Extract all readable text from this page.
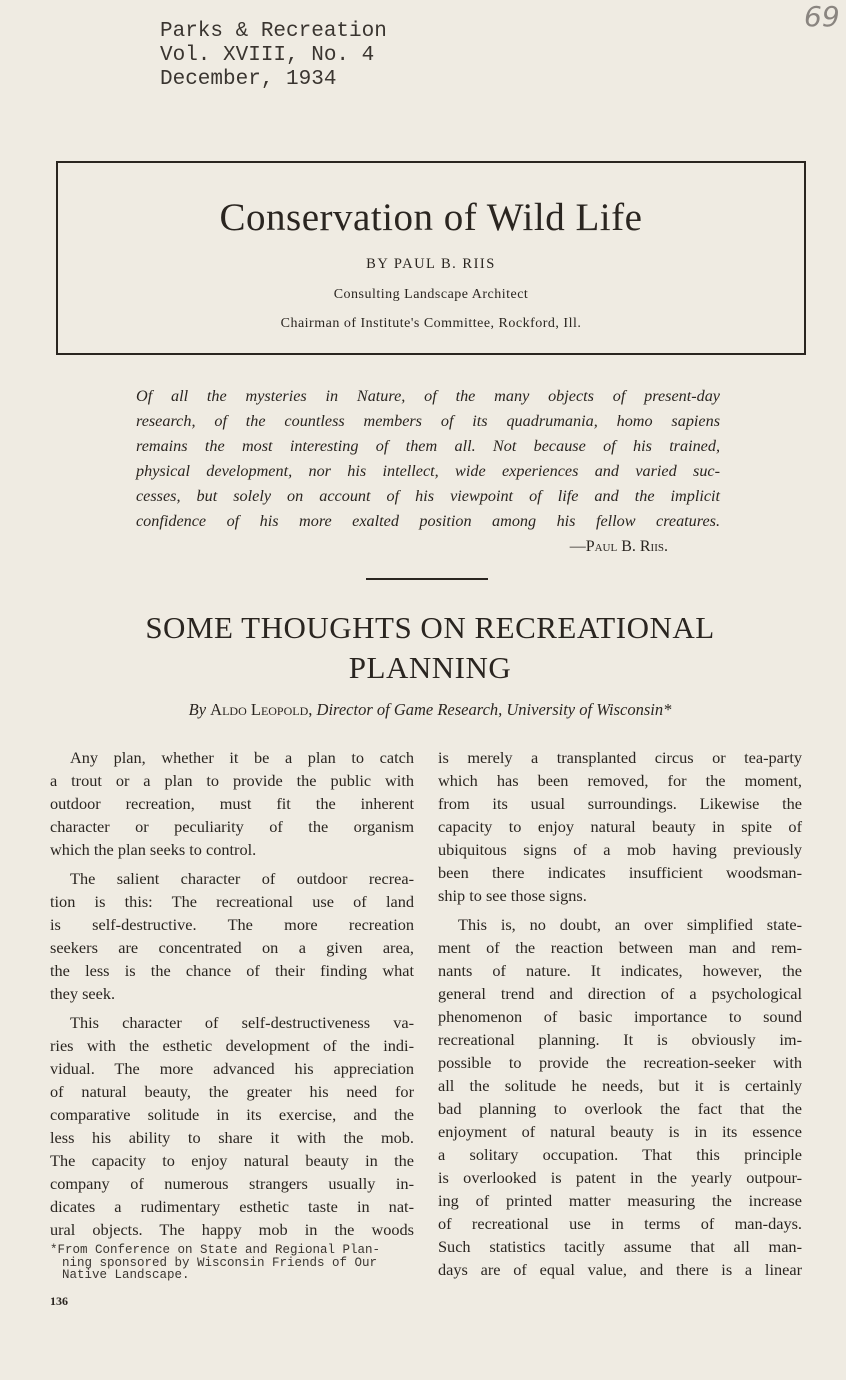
Parks & Recreation
Vol. XVIII, No. 4
December, 1934
69
Conservation of Wild Life
BY PAUL B. RIIS
Consulting Landscape Architect
Chairman of Institute's Committee, Rockford, Ill.
Of all the mysteries in Nature, of the many objects of present-day
research, of the countless members of its quadrumania, homo sapiens
remains the most interesting of them all. Not because of his trained,
physical development, nor his intellect, wide experiences and varied suc-
cesses, but solely on account of his viewpoint of life and the implicit
confidence of his more exalted position among his fellow creatures.
—Paul B. Riis.
SOME THOUGHTS ON RECREATIONAL
PLANNING
By Aldo Leopold, Director of Game Research, University of Wisconsin*

Any plan, whether it be a plan to catch
a trout or a plan to provide the public with
outdoor recreation, must fit the inherent
character or peculiarity of the organism
which the plan seeks to control.

The salient character of outdoor recrea-
tion is this: The recreational use of land
is self-destructive. The more recreation
seekers are concentrated on a given area,
the less is the chance of their finding what
they seek.

This character of self-destructiveness va-
ries with the esthetic development of the indi-
vidual. The more advanced his appreciation
of natural beauty, the greater his need for
comparative solitude in its exercise, and the
less his ability to share it with the mob.
The capacity to enjoy natural beauty in the
company of numerous strangers usually in-
dicates a rudimentary esthetic taste in nat-
ural objects. The happy mob in the woods

is merely a transplanted circus or tea-party
which has been removed, for the moment,
from its usual surroundings. Likewise the
capacity to enjoy natural beauty in spite of
ubiquitous signs of a mob having previously
been there indicates insufficient woodsman-
ship to see those signs.

This is, no doubt, an over simplified state-
ment of the reaction between man and rem-
nants of nature. It indicates, however, the
general trend and direction of a psychological
phenomenon of basic importance to sound
recreational planning. It is obviously im-
possible to provide the recreation-seeker with
all the solitude he needs, but it is certainly
bad planning to overlook the fact that the
enjoyment of natural beauty is in its essence
a solitary occupation. That this principle
is overlooked is patent in the yearly outpour-
ing of printed matter measuring the increase
of recreational use in terms of man-days.
Such statistics tacitly assume that all man-
days are of equal value, and there is a linear

*From Conference on State and Regional Plan-
ning sponsored by Wisconsin Friends of Our
Native Landscape.
136
